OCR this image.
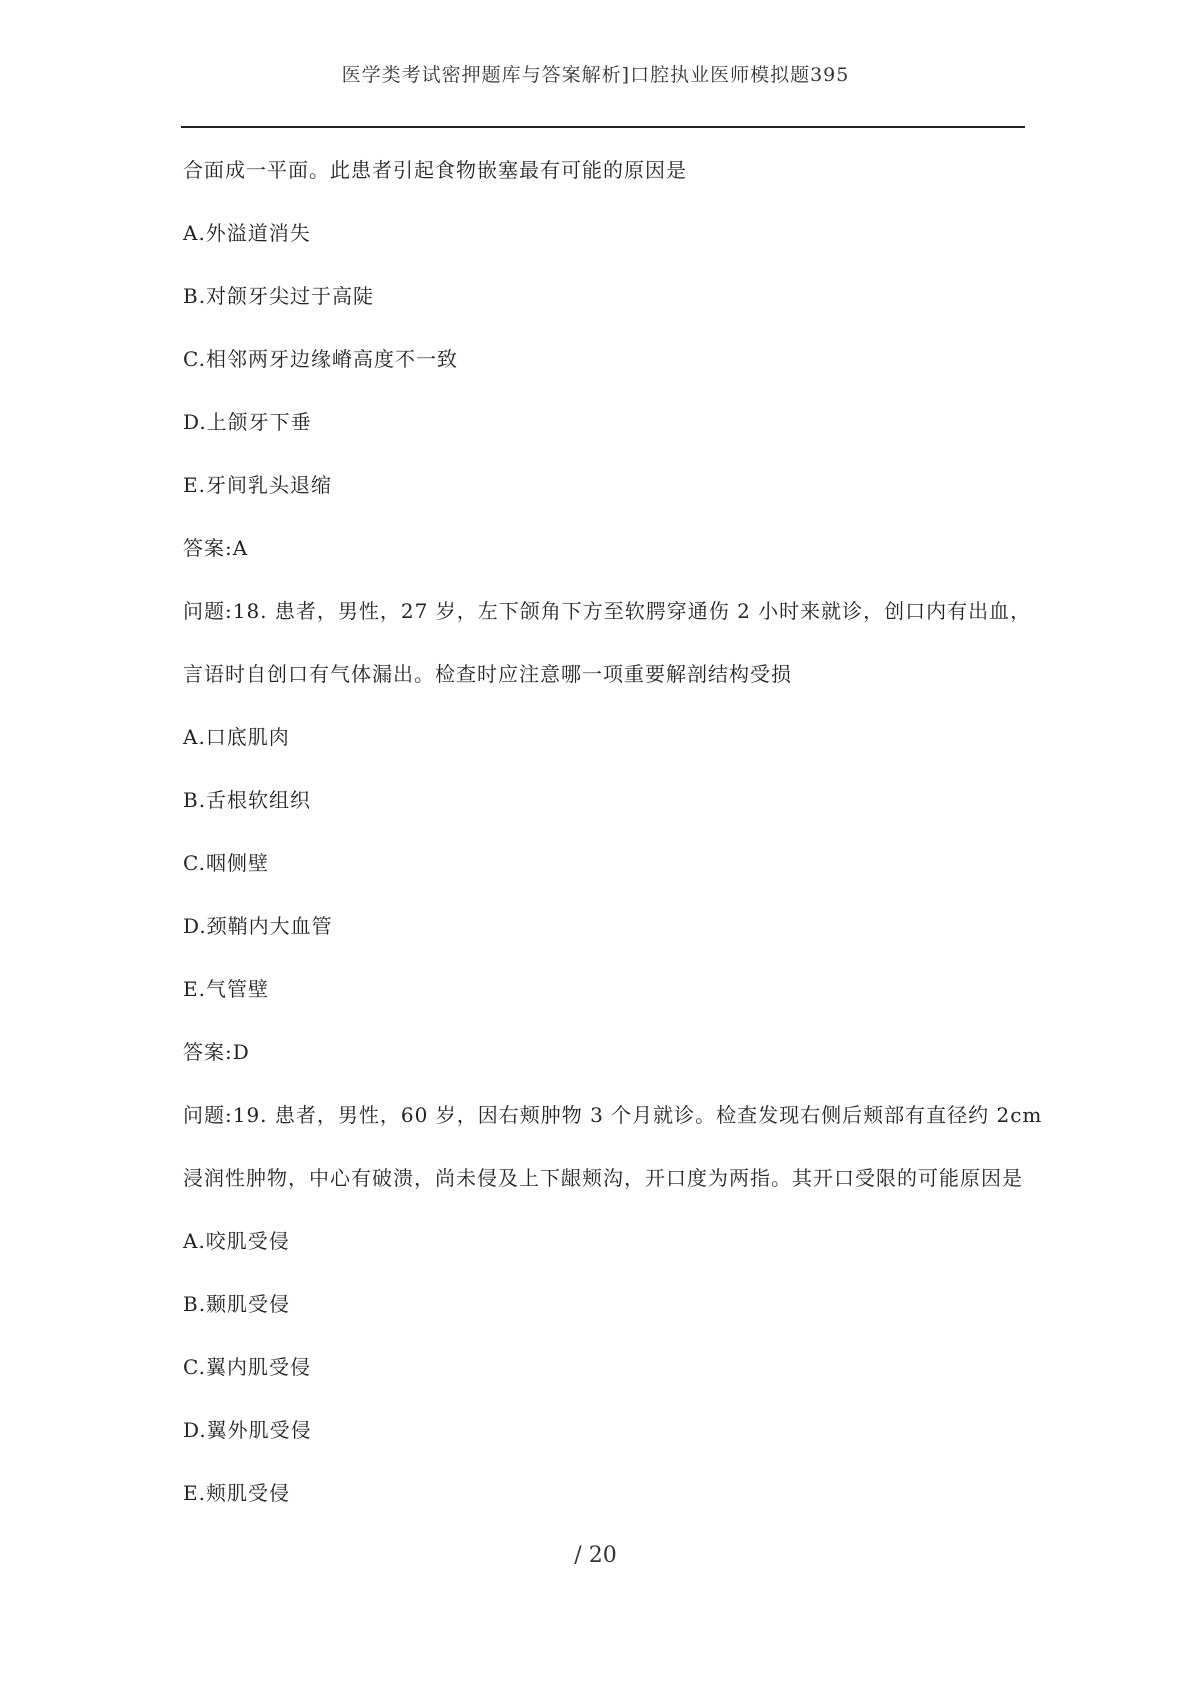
医学类考试密押题库与答案解析]口腔执业医师模拟题395
合面成一平面。此患者引起食物嵌塞最有可能的原因是
A.外溢道消失
B.对颌牙尖过于高陡
C.相邻两牙边缘嵴高度不一致
D.上颌牙下垂
E.牙间乳头退缩
答案:A
问题:18. 患者，男性，27 岁，左下颌角下方至软腭穿通伤 2 小时来就诊，创口内有出血，
言语时自创口有气体漏出。检查时应注意哪一项重要解剖结构受损
A.口底肌肉
B.舌根软组织
C.咽侧壁
D.颈鞘内大血管
E.气管壁
答案:D
问题:19. 患者，男性，60 岁，因右颊肿物 3 个月就诊。检查发现右侧后颊部有直径约 2cm
浸润性肿物，中心有破溃，尚未侵及上下龈颊沟，开口度为两指。其开口受限的可能原因是
A.咬肌受侵
B.颞肌受侵
C.翼内肌受侵
D.翼外肌受侵
E.颊肌受侵
/ 20
